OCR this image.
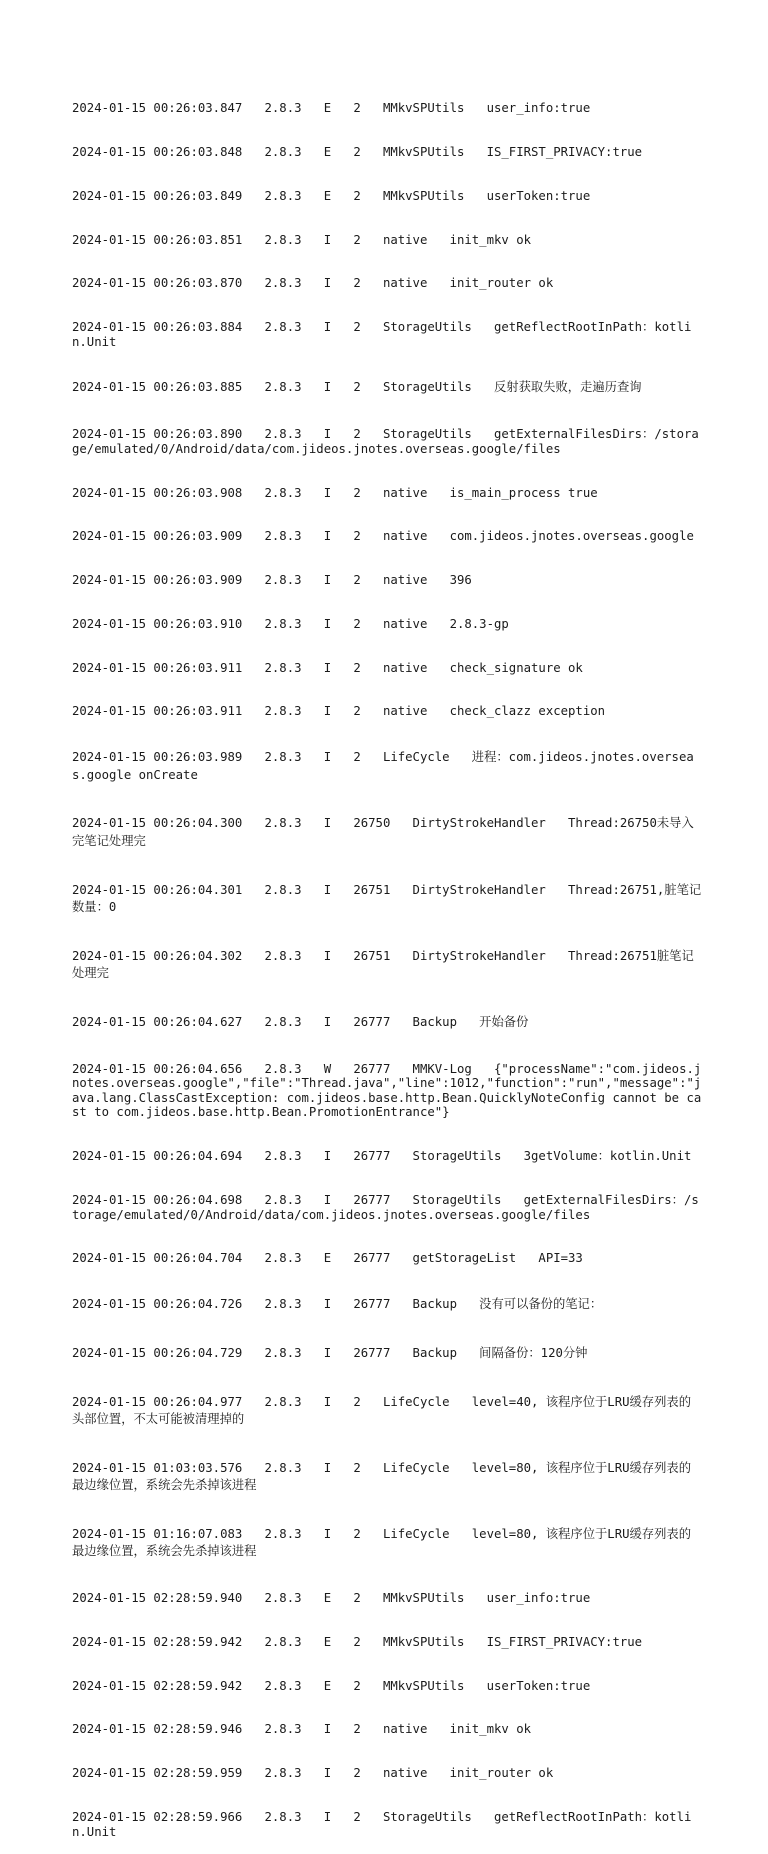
2024-01-15 00:26:03.847   2.8.3   E   2   MMkvSPUtils   user_info:true

2024-01-15 00:26:03.848   2.8.3   E   2   MMkvSPUtils   IS_FIRST_PRIVACY:true

2024-01-15 00:26:03.849   2.8.3   E   2   MMkvSPUtils   userToken:true

2024-01-15 00:26:03.851   2.8.3   I   2   native   init_mkv ok

2024-01-15 00:26:03.870   2.8.3   I   2   native   init_router ok

2024-01-15 00:26:03.884   2.8.3   I   2   StorageUtils   getReflectRootInPath：kotlin.Unit

2024-01-15 00:26:03.885   2.8.3   I   2   StorageUtils   反射获取失败，走遍历查询

2024-01-15 00:26:03.890   2.8.3   I   2   StorageUtils   getExternalFilesDirs：/storage/emulated/0/Android/data/com.jideos.jnotes.overseas.google/files

2024-01-15 00:26:03.908   2.8.3   I   2   native   is_main_process true

2024-01-15 00:26:03.909   2.8.3   I   2   native   com.jideos.jnotes.overseas.google

2024-01-15 00:26:03.909   2.8.3   I   2   native   396

2024-01-15 00:26:03.910   2.8.3   I   2   native   2.8.3-gp

2024-01-15 00:26:03.911   2.8.3   I   2   native   check_signature ok

2024-01-15 00:26:03.911   2.8.3   I   2   native   check_clazz exception

2024-01-15 00:26:03.989   2.8.3   I   2   LifeCycle   进程：com.jideos.jnotes.overseas.google onCreate

2024-01-15 00:26:04.300   2.8.3   I   26750   DirtyStrokeHandler   Thread:26750未导入完笔记处理完

2024-01-15 00:26:04.301   2.8.3   I   26751   DirtyStrokeHandler   Thread:26751,脏笔记数量：0

2024-01-15 00:26:04.302   2.8.3   I   26751   DirtyStrokeHandler   Thread:26751脏笔记处理完

2024-01-15 00:26:04.627   2.8.3   I   26777   Backup   开始备份

2024-01-15 00:26:04.656   2.8.3   W   26777   MMKV-Log   {"processName":"com.jideos.jnotes.overseas.google","file":"Thread.java","line":1012,"function":"run","message":"java.lang.ClassCastException: com.jideos.base.http.Bean.QuicklyNoteConfig cannot be cast to com.jideos.base.http.Bean.PromotionEntrance"}

2024-01-15 00:26:04.694   2.8.3   I   26777   StorageUtils   3getVolume：kotlin.Unit

2024-01-15 00:26:04.698   2.8.3   I   26777   StorageUtils   getExternalFilesDirs：/storage/emulated/0/Android/data/com.jideos.jnotes.overseas.google/files

2024-01-15 00:26:04.704   2.8.3   E   26777   getStorageList   API=33

2024-01-15 00:26:04.726   2.8.3   I   26777   Backup   没有可以备份的笔记：

2024-01-15 00:26:04.729   2.8.3   I   26777   Backup   间隔备份：120分钟

2024-01-15 00:26:04.977   2.8.3   I   2   LifeCycle   level=40, 该程序位于LRU缓存列表的头部位置，不太可能被清理掉的

2024-01-15 01:03:03.576   2.8.3   I   2   LifeCycle   level=80, 该程序位于LRU缓存列表的最边缘位置，系统会先杀掉该进程

2024-01-15 01:16:07.083   2.8.3   I   2   LifeCycle   level=80, 该程序位于LRU缓存列表的最边缘位置，系统会先杀掉该进程

2024-01-15 02:28:59.940   2.8.3   E   2   MMkvSPUtils   user_info:true

2024-01-15 02:28:59.942   2.8.3   E   2   MMkvSPUtils   IS_FIRST_PRIVACY:true

2024-01-15 02:28:59.942   2.8.3   E   2   MMkvSPUtils   userToken:true

2024-01-15 02:28:59.946   2.8.3   I   2   native   init_mkv ok

2024-01-15 02:28:59.959   2.8.3   I   2   native   init_router ok

2024-01-15 02:28:59.966   2.8.3   I   2   StorageUtils   getReflectRootInPath：kotlin.Unit
